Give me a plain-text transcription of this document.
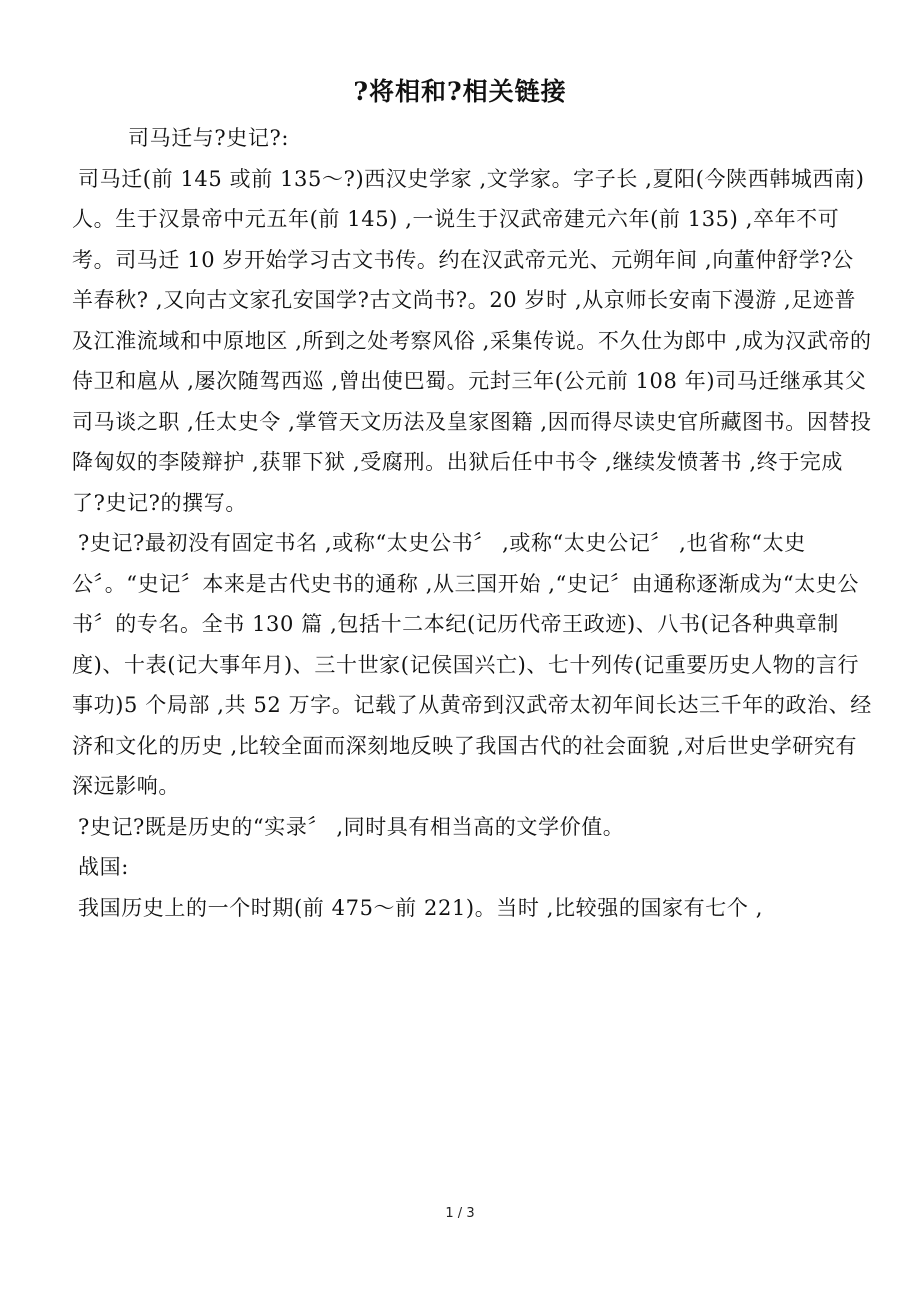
?将相和?相关链接

司马迁与?史记?:

司马迁(前 145 或前 135～?)西汉史学家 ,文学家。字子长 ,夏阳(今陕西韩城西南)人。生于汉景帝中元五年(前 145) ,一说生于汉武帝建元六年(前 135) ,卒年不可考。司马迁 10 岁开始学习古文书传。约在汉武帝元光、元朔年间 ,向董仲舒学?公羊春秋? ,又向古文家孔安国学?古文尚书?。20 岁时 ,从京师长安南下漫游 ,足迹普及江淮流域和中原地区 ,所到之处考察风俗 ,采集传说。不久仕为郎中 ,成为汉武帝的侍卫和扈从 ,屡次随驾西巡 ,曾出使巴蜀。元封三年(公元前 108 年)司马迁继承其父司马谈之职 ,任太史令 ,掌管天文历法及皇家图籍 ,因而得尽读史官所藏图书。因替投降匈奴的李陵辩护 ,获罪下狱 ,受腐刑。出狱后任中书令 ,继续发愤著书 ,终于完成了?史记?的撰写。

?史记?最初没有固定书名 ,或称“太史公书〞 ,或称“太史公记〞 ,也省称“太史公〞。“史记〞本来是古代史书的通称 ,从三国开始 ,“史记〞由通称逐渐成为“太史公书〞的专名。全书 130 篇 ,包括十二本纪(记历代帝王政迹)、八书(记各种典章制度)、十表(记大事年月)、三十世家(记侯国兴亡)、七十列传(记重要历史人物的言行事功)5 个局部 ,共 52 万字。记载了从黄帝到汉武帝太初年间长达三千年的政治、经济和文化的历史 ,比较全面而深刻地反映了我国古代的社会面貌 ,对后世史学研究有深远影响。

?史记?既是历史的“实录〞 ,同时具有相当高的文学价值。

战国:

我国历史上的一个时期(前 475～前 221)。当时 ,比较强的国家有七个 ,

1 / 3
